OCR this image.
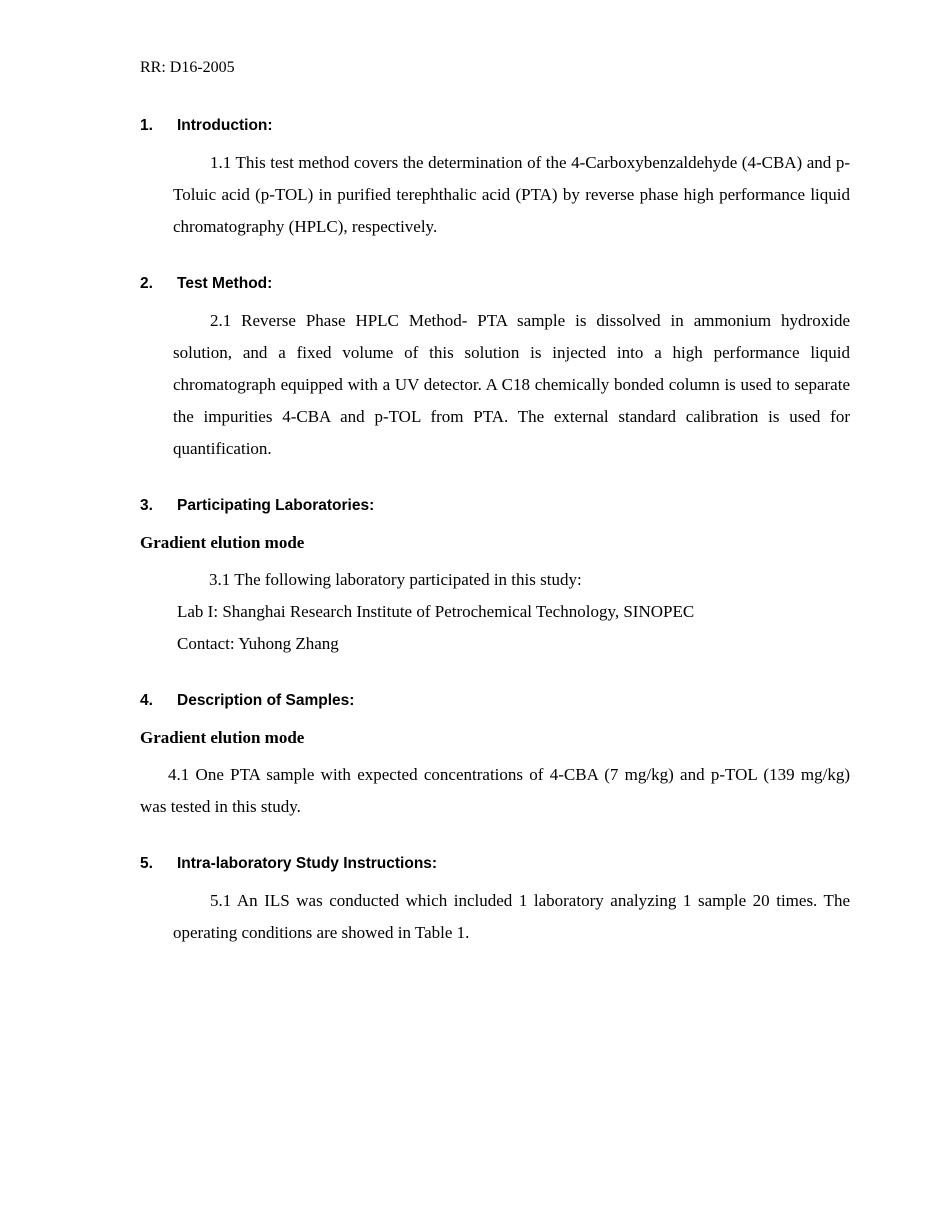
RR: D16-2005
1.	Introduction:

1.1 This test method covers the determination of the 4-Carboxybenzaldehyde (4-CBA) and p-Toluic acid (p-TOL) in purified terephthalic acid (PTA) by reverse phase high performance liquid chromatography (HPLC), respectively.

2.	Test Method:

2.1 Reverse Phase HPLC Method- PTA sample is dissolved in ammonium hydroxide solution, and a fixed volume of this solution is injected into a high performance liquid chromatograph equipped with a UV detector. A C18 chemically bonded column is used to separate the impurities 4-CBA and p-TOL from PTA. The external standard calibration is used for quantification.

3.	Participating Laboratories:
Gradient elution mode
3.1 The following laboratory participated in this study:
Lab I: Shanghai Research Institute of Petrochemical Technology, SINOPEC
Contact: Yuhong Zhang
4.	Description of Samples:
Gradient elution mode

4.1 One PTA sample with expected concentrations of 4-CBA (7 mg/kg) and p-TOL (139 mg/kg) was tested in this study.

5.	Intra-laboratory Study Instructions:

5.1 An ILS was conducted which included 1 laboratory analyzing 1 sample 20 times. The operating conditions are showed in Table 1.
